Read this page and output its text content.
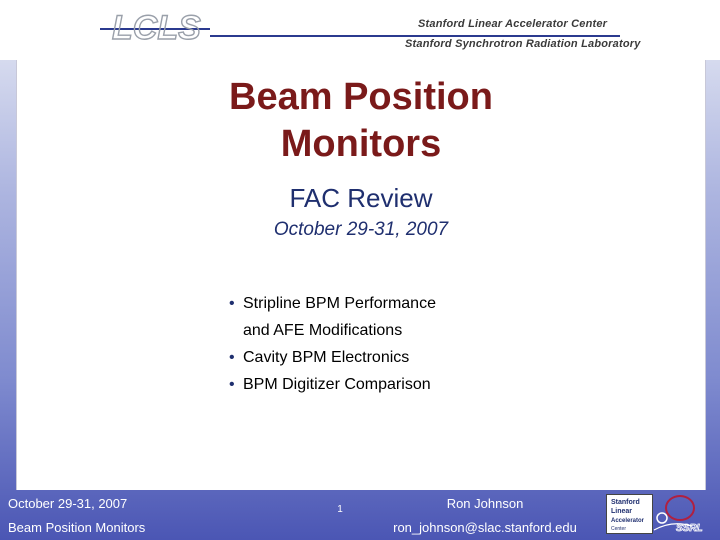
LCLS	Stanford Linear Accelerator Center
Stanford Synchrotron Radiation Laboratory
Beam Position
Monitors
FAC Review
October 29-31, 2007
• Stripline BPM Performance
and AFE Modifications
• Cavity BPM Electronics
• BPM Digitizer Comparison
October 29-31, 2007
Beam Position Monitors
1	Ron Johnson
ron_johnson@slac.stanford.edu
Stanford
Linear
Accelerator
Center	SSRL
